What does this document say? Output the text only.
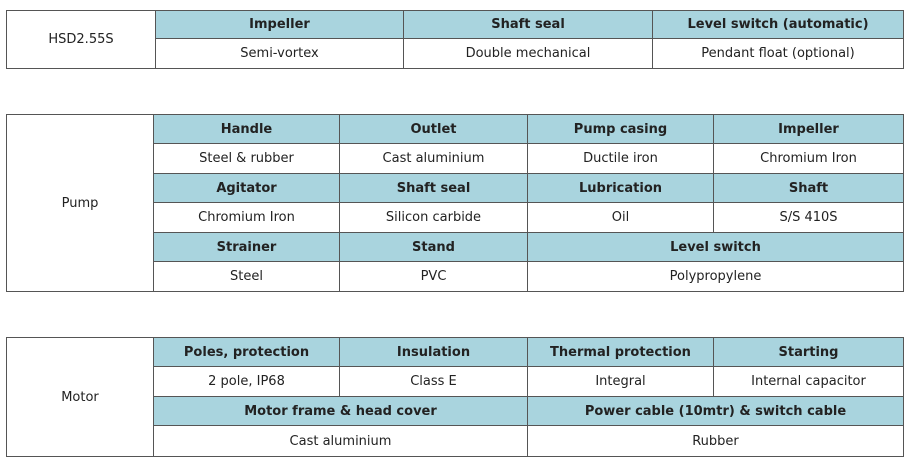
HSD2.55S	Impeller	Shaft seal	Level switch (automatic)
	Semi-vortex	Double mechanical	Pendant float (optional)
Pump	Handle	Outlet	Pump casing	Impeller
	Steel & rubber	Cast aluminium	Ductile iron	Chromium Iron
	Agitator	Shaft seal	Lubrication	Shaft
	Chromium Iron	Silicon carbide	Oil	S/S 410S
	Strainer	Stand	Level switch	
	Steel	PVC	Polypropylene	
Motor	Poles, protection	Insulation	Thermal protection	Starting
	2 pole, IP68	Class E	Integral	Internal capacitor
	Motor frame & head cover		Power cable (10mtr) & switch cable	
	Cast aluminium		Rubber	
